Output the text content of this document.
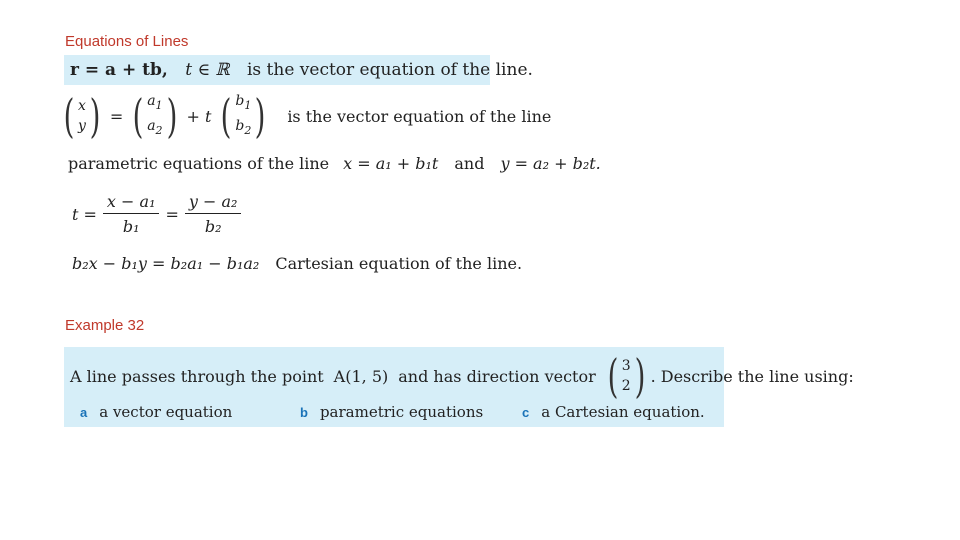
Equations of Lines
r = a + tb, t ∈ ℝ is the vector equation of the line.
( x
y ) = ( $a_1$
$a_2$ ) + t ( $b_1$
$b_2$ ) is the vector equation of the line
parametric equations of the line x = a₁ + b₁t and y = a₂ + b₂t.
$t = \frac{\text{x − a₁}}{\text{b₁}} = \frac{\text{y − a₂}}{\text{b₂}}$
b₂x − b₁y = b₂a₁ − b₁a₂ Cartesian equation of the line.
Example 32
A line passes through the point A(1, 5) and has direction vector ( 3
2 ) . Describe the line using:
a a vector equation	b parametric equations	c a Cartesian equation.
